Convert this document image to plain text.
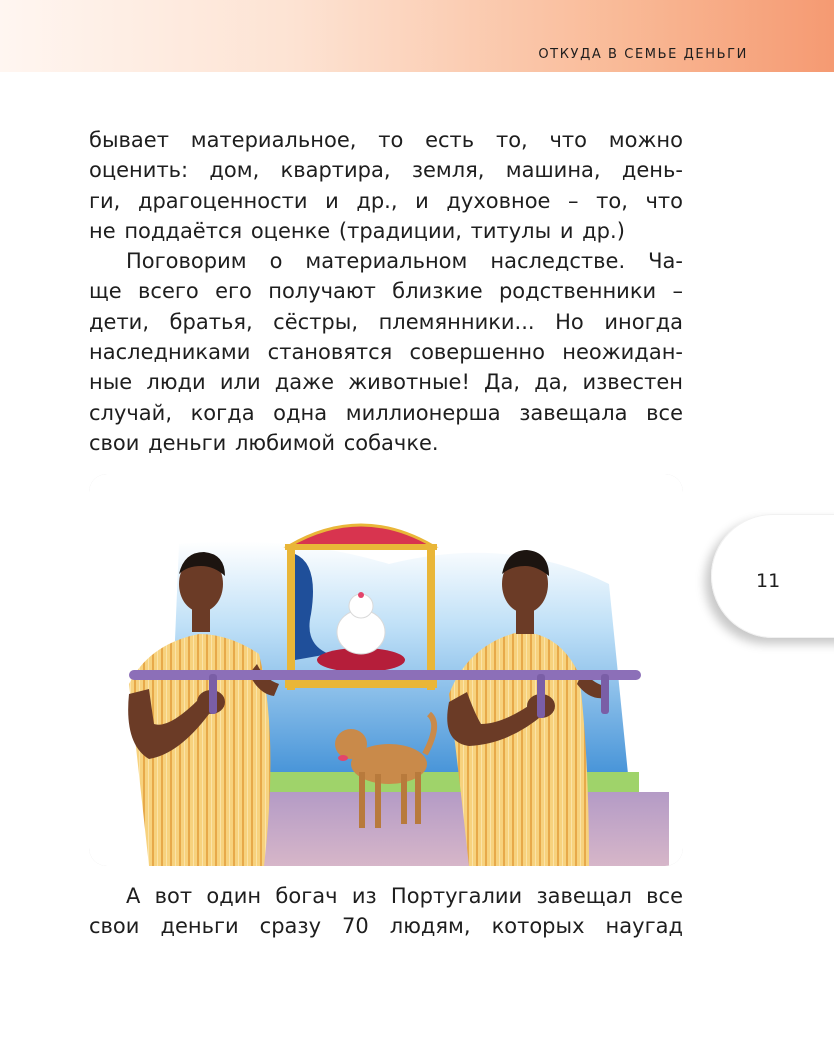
ОТКУДА В СЕМЬЕ ДЕНЬГИ

бывает материальное, то есть то, что можно

оценить: дом, квартира, земля, машина, день-

ги, драгоценности и др., и духовное – то, что

не поддаётся оценке (традиции, титулы и др.)

Поговорим о материальном наследстве. Ча-

ще всего его получают близкие родственники –

дети, братья, сёстры, племянники... Но иногда

наследниками становятся совершенно неожидан-

ные люди или даже животные! Да, да, известен

случай, когда одна миллионерша завещала все

свои деньги любимой собачке.

А вот один богач из Португалии завещал все

свои деньги сразу 70 людям, которых наугад

11
